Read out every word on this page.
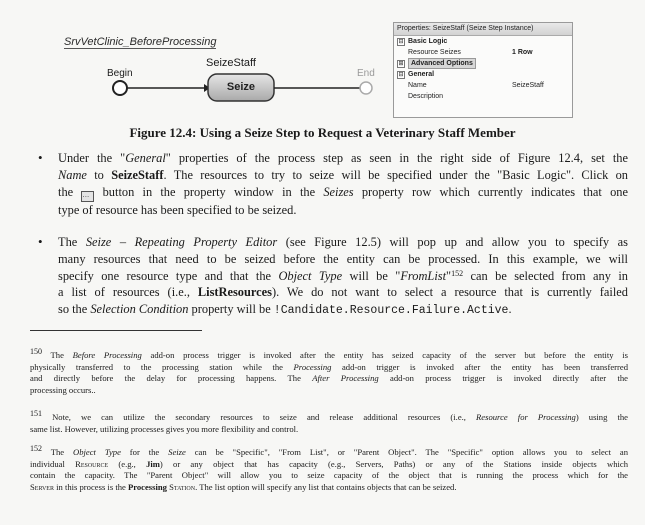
SrvVetClinic_BeforeProcessing
SeizeStaff
Begin	End
Seize
Properties: SeizeStaff (Seize Step Instance)
⊟ Basic Logic
Resource Seizes	1 Row
⊞	Advanced Options
⊟ General
Name	SeizeStaff
Description
Figure 12.4: Using a Seize Step to Request a Veterinary Staff Member
• Under the "General" properties of the process step as seen in the right side of Figure 12.4, set the

Name to SeizeStaff. The resources to try to seize will be specified under the "Basic Logic". Click on

the … button in the property window in the Seizes property row which currently indicates that one

type of resource has been specified to be seized.

• The Seize – Repeating Property Editor (see Figure 12.5) will pop up and allow you to specify as

many resources that need to be seized before the entity can be processed. In this example, we will

specify one resource type and that the Object Type will be "FromList"$^{152}$ can be selected from any in

a list of resources (i.e., ListResources). We do not want to select a resource that is currently failed

so the Selection Condition property will be !Candidate.Resource.Failure.Active.

$^{150}$ The Before Processing add-on process trigger is invoked after the entity has seized capacity of the server but before the entity is

physically transferred to the processing station while the Processing add-on trigger is invoked after the entity has been transferred

and directly before the delay for processing happens. The After Processing add-on process trigger is invoked directly after the

processing occurs..

$^{151}$ Note, we can utilize the secondary resources to seize and release additional resources (i.e., Resource for Processing) using the

same list. However, utilizing processes gives you more flexibility and control.

$^{152}$ The Object Type for the Seize can be "Specific", "From List", or "Parent Object". The "Specific" option allows you to select an

individual Resource (e.g., Jim) or any object that has capacity (e.g., Servers, Paths) or any of the Stations inside objects which

contain the capacity. The "Parent Object" will allow you to seize capacity of the object that is running the process which for the

Server in this process is the Processing Station. The list option will specify any list that contains objects that can be seized.
